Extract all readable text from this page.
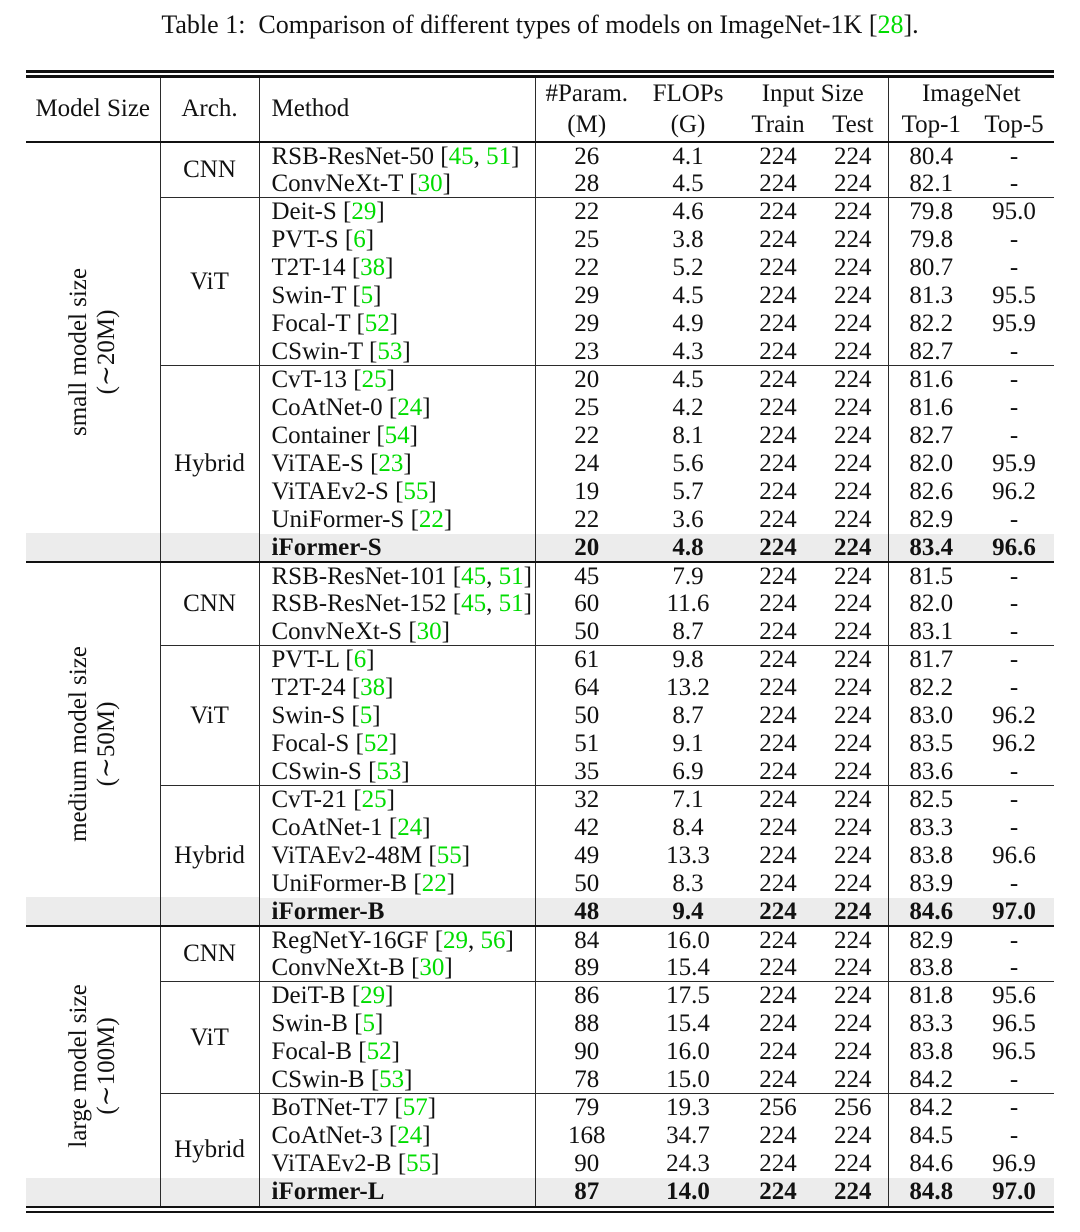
Table 1: Comparison of different types of models on ImageNet-1K [28].
Model Size	Arch.	Method	#Param.	FLOPs	Input Size		ImageNet	
			(M)	(G)	Train	Test	Top-1	Top-5

small model size (∼20M)	CNN	RSB-ResNet-50 [45, 51]	26	4.1	224	224	80.4	-
		ConvNeXt-T [30]	28	4.5	224	224	82.1	-
	ViT	Deit-S [29]	22	4.6	224	224	79.8	95.0
		PVT-S [6]	25	3.8	224	224	79.8	-
		T2T-14 [38]	22	5.2	224	224	80.7	-
		Swin-T [5]	29	4.5	224	224	81.3	95.5
		Focal-T [52]	29	4.9	224	224	82.2	95.9
		CSwin-T [53]	23	4.3	224	224	82.7	-
	Hybrid	CvT-13 [25]	20	4.5	224	224	81.6	-
		CoAtNet-0 [24]	25	4.2	224	224	81.6	-
		Container [54]	22	8.1	224	224	82.7	-
		ViTAE-S [23]	24	5.6	224	224	82.0	95.9
		ViTAEv2-S [55]	19	5.7	224	224	82.6	96.2
		UniFormer-S [22]	22	3.6	224	224	82.9	-
		iFormer-S	20	4.8	224	224	83.4	96.6

medium model size (∼50M)	CNN	RSB-ResNet-101 [45, 51]	45	7.9	224	224	81.5	-
		RSB-ResNet-152 [45, 51]	60	11.6	224	224	82.0	-
		ConvNeXt-S [30]	50	8.7	224	224	83.1	-
	ViT	PVT-L [6]	61	9.8	224	224	81.7	-
		T2T-24 [38]	64	13.2	224	224	82.2	-
		Swin-S [5]	50	8.7	224	224	83.0	96.2
		Focal-S [52]	51	9.1	224	224	83.5	96.2
		CSwin-S [53]	35	6.9	224	224	83.6	-
	Hybrid	CvT-21 [25]	32	7.1	224	224	82.5	-
		CoAtNet-1 [24]	42	8.4	224	224	83.3	-
		ViTAEv2-48M [55]	49	13.3	224	224	83.8	96.6
		UniFormer-B [22]	50	8.3	224	224	83.9	-
		iFormer-B	48	9.4	224	224	84.6	97.0

large model size (∼100M)	CNN	RegNetY-16GF [29, 56]	84	16.0	224	224	82.9	-
		ConvNeXt-B [30]	89	15.4	224	224	83.8	-
	ViT	DeiT-B [29]	86	17.5	224	224	81.8	95.6
		Swin-B [5]	88	15.4	224	224	83.3	96.5
		Focal-B [52]	90	16.0	224	224	83.8	96.5
		CSwin-B [53]	78	15.0	224	224	84.2	-
	Hybrid	BoTNet-T7 [57]	79	19.3	256	256	84.2	-
		CoAtNet-3 [24]	168	34.7	224	224	84.5	-
		ViTAEv2-B [55]	90	24.3	224	224	84.6	96.9
		iFormer-L	87	14.0	224	224	84.8	97.0
